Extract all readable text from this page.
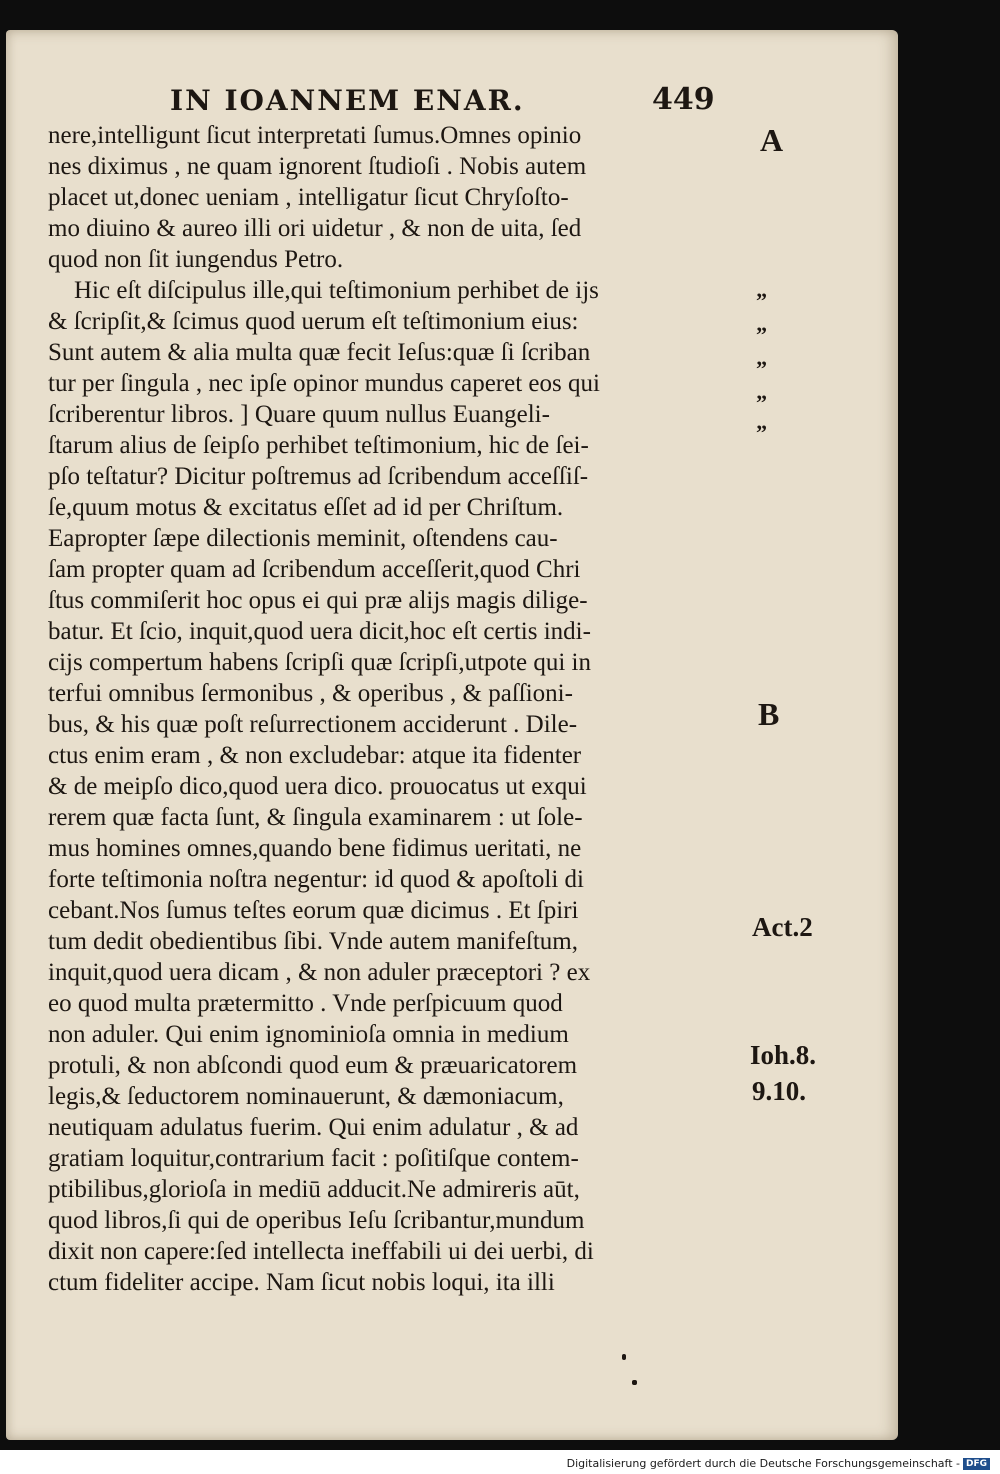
IN IOANNEM ENAR.	449
nere,intelligunt ſicut interpretati ſumus.Omnes opinio
nes diximus , ne quam ignorent ſtudioſi . Nobis autem
placet ut,donec ueniam , intelligatur ſicut Chryſoſto-
mo diuino & aureo illi ori uidetur , & non de uita, ſed
quod non ſit iungendus Petro.
Hic eſt diſcipulus ille,qui teſtimonium perhibet de ijs
& ſcripſit,& ſcimus quod uerum eſt teſtimonium eius:
Sunt autem & alia multa quæ fecit Ieſus:quæ ſi ſcriban
tur per ſingula , nec ipſe opinor mundus caperet eos qui
ſcriberentur libros. ] Quare quum nullus Euangeli-
ſtarum alius de ſeipſo perhibet teſtimonium, hic de ſei-
pſo teſtatur? Dicitur poſtremus ad ſcribendum acceſſiſ-
ſe,quum motus & excitatus eſſet ad id per Chriſtum.
Eapropter ſæpe dilectionis meminit, oſtendens cau-
ſam propter quam ad ſcribendum acceſſerit,quod Chri
ſtus commiſerit hoc opus ei qui præ alijs magis dilige-
batur. Et ſcio, inquit,quod uera dicit,hoc eſt certis indi-
cijs compertum habens ſcripſi quæ ſcripſi,utpote qui in
terfui omnibus ſermonibus , & operibus , & paſſioni-
bus, & his quæ poſt reſurrectionem acciderunt . Dile-
ctus enim eram , & non excludebar: atque ita fidenter
& de meipſo dico,quod uera dico. prouocatus ut exqui
rerem quæ facta ſunt, & ſingula examinarem : ut ſole-
mus homines omnes,quando bene fidimus ueritati, ne
forte teſtimonia noſtra negentur: id quod & apoſtoli di
cebant.Nos ſumus teſtes eorum quæ dicimus . Et ſpiri
tum dedit obedientibus ſibi. Vnde autem manifeſtum,
inquit,quod uera dicam , & non aduler præceptori ? ex
eo quod multa prætermitto . Vnde perſpicuum quod
non aduler. Qui enim ignominioſa omnia in medium
protuli, & non abſcondi quod eum & præuaricatorem
legis,& ſeductorem nominauerunt, & dæmoniacum,
neutiquam adulatus fuerim. Qui enim adulatur , & ad
gratiam loquitur,contrarium facit : poſitiſque contem-
ptibilibus,glorioſa in mediū adducit.Ne admireris aūt,
quod libros,ſi qui de operibus Ieſu ſcribantur,mundum
dixit non capere:ſed intellecta ineffabili ui dei uerbi, di
ctum fideliter accipe. Nam ſicut nobis loqui, ita illi
A
B
”
”
”
”
”
Act.2
Ioh.8.
9.10.
Digitalisierung gefördert durch die Deutsche Forschungsgemeinschaft - DFG
